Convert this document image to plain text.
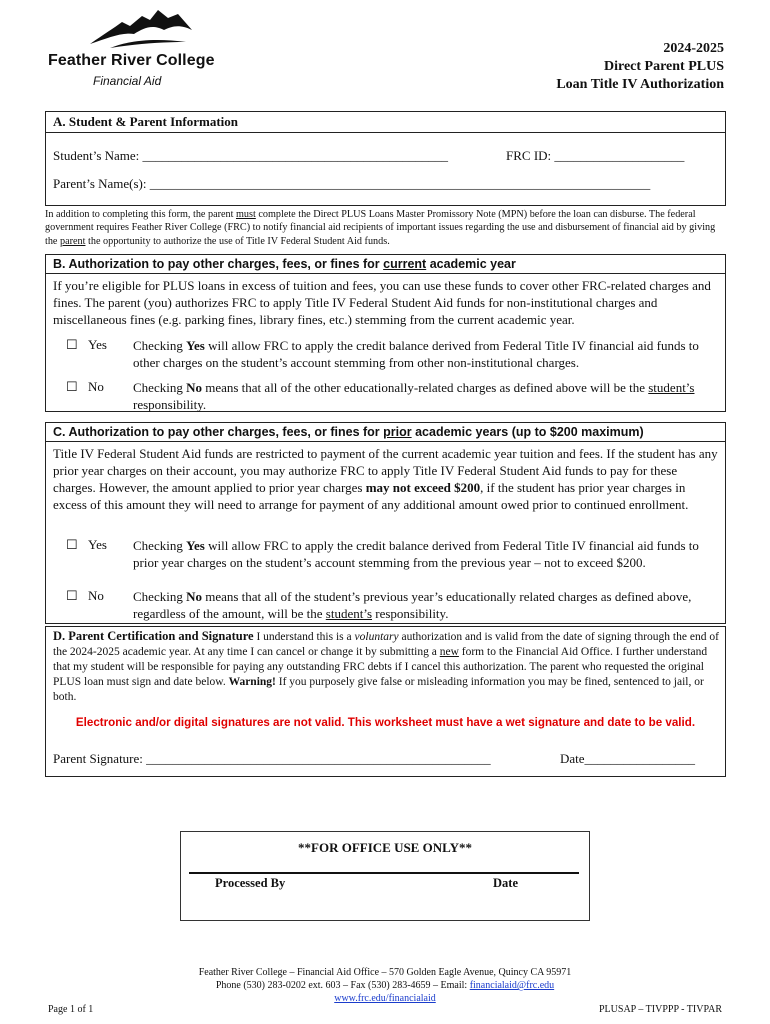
Feather River College
Financial Aid
2024-2025
Direct Parent PLUS
Loan Title IV Authorization
A. Student & Parent Information
Student’s Name: _______________________________________________	FRC ID: ____________________
Parent’s Name(s): _____________________________________________________________________________
In addition to completing this form, the parent must complete the Direct PLUS Loans Master Promissory Note (MPN) before the loan can disburse. The federal government requires Feather River College (FRC) to notify financial aid recipients of important issues regarding the use and disbursement of financial aid by giving the parent the opportunity to authorize the use of Title IV Federal Student Aid funds.
B. Authorization to pay other charges, fees, or fines for current academic year
If you’re eligible for PLUS loans in excess of tuition and fees, you can use these funds to cover other FRC-related charges and fines. The parent (you) authorizes FRC to apply Title IV Federal Student Aid funds for non-institutional charges and miscellaneous fines (e.g. parking fines, library fines, etc.) stemming from the current academic year.
☐ Yes Checking Yes will allow FRC to apply the credit balance derived from Federal Title IV financial aid funds to other charges on the student’s account stemming from other non-institutional charges.
☐ No Checking No means that all of the other educationally-related charges as defined above will be the student’s responsibility.
C. Authorization to pay other charges, fees, or fines for prior academic years (up to $200 maximum)
Title IV Federal Student Aid funds are restricted to payment of the current academic year tuition and fees. If the student has any prior year charges on their account, you may authorize FRC to apply Title IV Federal Student Aid funds to pay for these charges. However, the amount applied to prior year charges may not exceed $200, if the student has prior year charges in excess of this amount they will need to arrange for payment of any additional amount owed prior to continued enrollment.
☐ Yes Checking Yes will allow FRC to apply the credit balance derived from Federal Title IV financial aid funds to prior year charges on the student’s account stemming from the previous year – not to exceed $200.
☐ No Checking No means that all of the student’s previous year’s educationally related charges as defined above, regardless of the amount, will be the student’s responsibility.
D. Parent Certification and Signature I understand this is a voluntary authorization and is valid from the date of signing through the end of the 2024-2025 academic year. At any time I can cancel or change it by submitting a new form to the Financial Aid Office. I further understand that my student will be responsible for paying any outstanding FRC debts if I cancel this authorization. The parent who requested the original PLUS loan must sign and date below. Warning! If you purposely give false or misleading information you may be fined, sentenced to jail, or both.
Electronic and/or digital signatures are not valid. This worksheet must have a wet signature and date to be valid.
Parent Signature: _____________________________________________________	Date_________________
**FOR OFFICE USE ONLY**
Processed By	Date
Feather River College – Financial Aid Office – 570 Golden Eagle Avenue, Quincy CA 95971
Phone (530) 283-0202 ext. 603 – Fax (530) 283-4659 – Email: financialaid@frc.edu
www.frc.edu/financialaid
Page 1 of 1	PLUSAP – TIVPPP - TIVPAR
